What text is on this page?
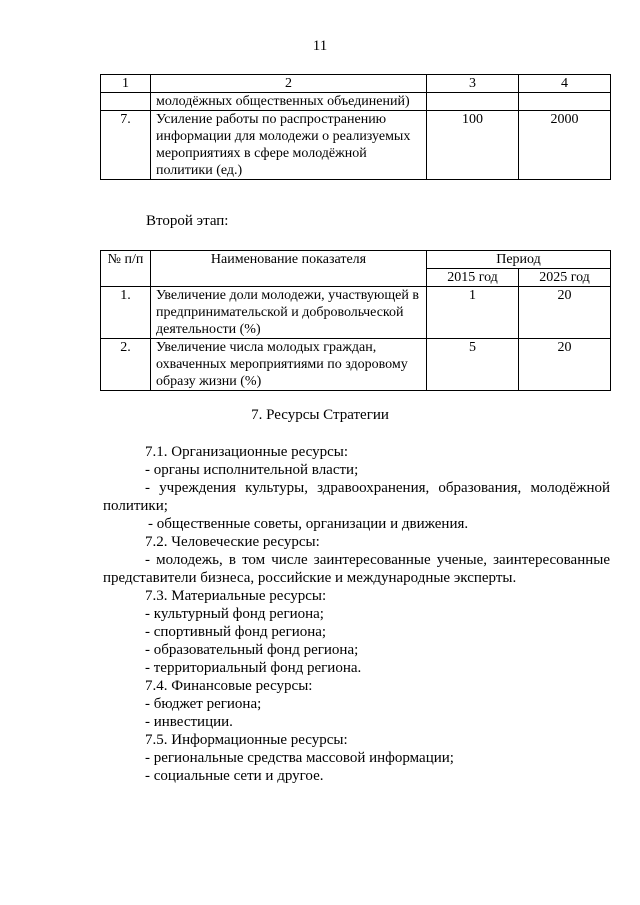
11
1	2	3	4
	молодёжных общественных объединений)		
7.	Усиление работы по распространению информации для молодежи о реализуемых мероприятиях в сфере молодёжной политики (ед.)	100	2000
Второй этап:
№ п/п	Наименование показателя	Период	
		2015 год	2025 год
1.	Увеличение доли молодежи, участвующей в предпринимательской и добровольческой деятельности (%)	1	20
2.	Увеличение числа молодых граждан, охваченных мероприятиями по здоровому образу жизни (%)	5	20
7. Ресурсы Стратегии

7.1. Организационные ресурсы:

- органы исполнительной власти;

- учреждения культуры, здравоохранения, образования, молодёжной политики;

- общественные советы, организации и движения.

7.2. Человеческие ресурсы:

- молодежь, в том числе заинтересованные ученые, заинтересованные представители бизнеса, российские и международные эксперты.

7.3. Материальные ресурсы:

- культурный фонд региона;

- спортивный фонд региона;

- образовательный фонд региона;

- территориальный фонд региона.

7.4. Финансовые ресурсы:

- бюджет региона;

- инвестиции.

7.5. Информационные ресурсы:

- региональные средства массовой информации;

- социальные сети и другое.
